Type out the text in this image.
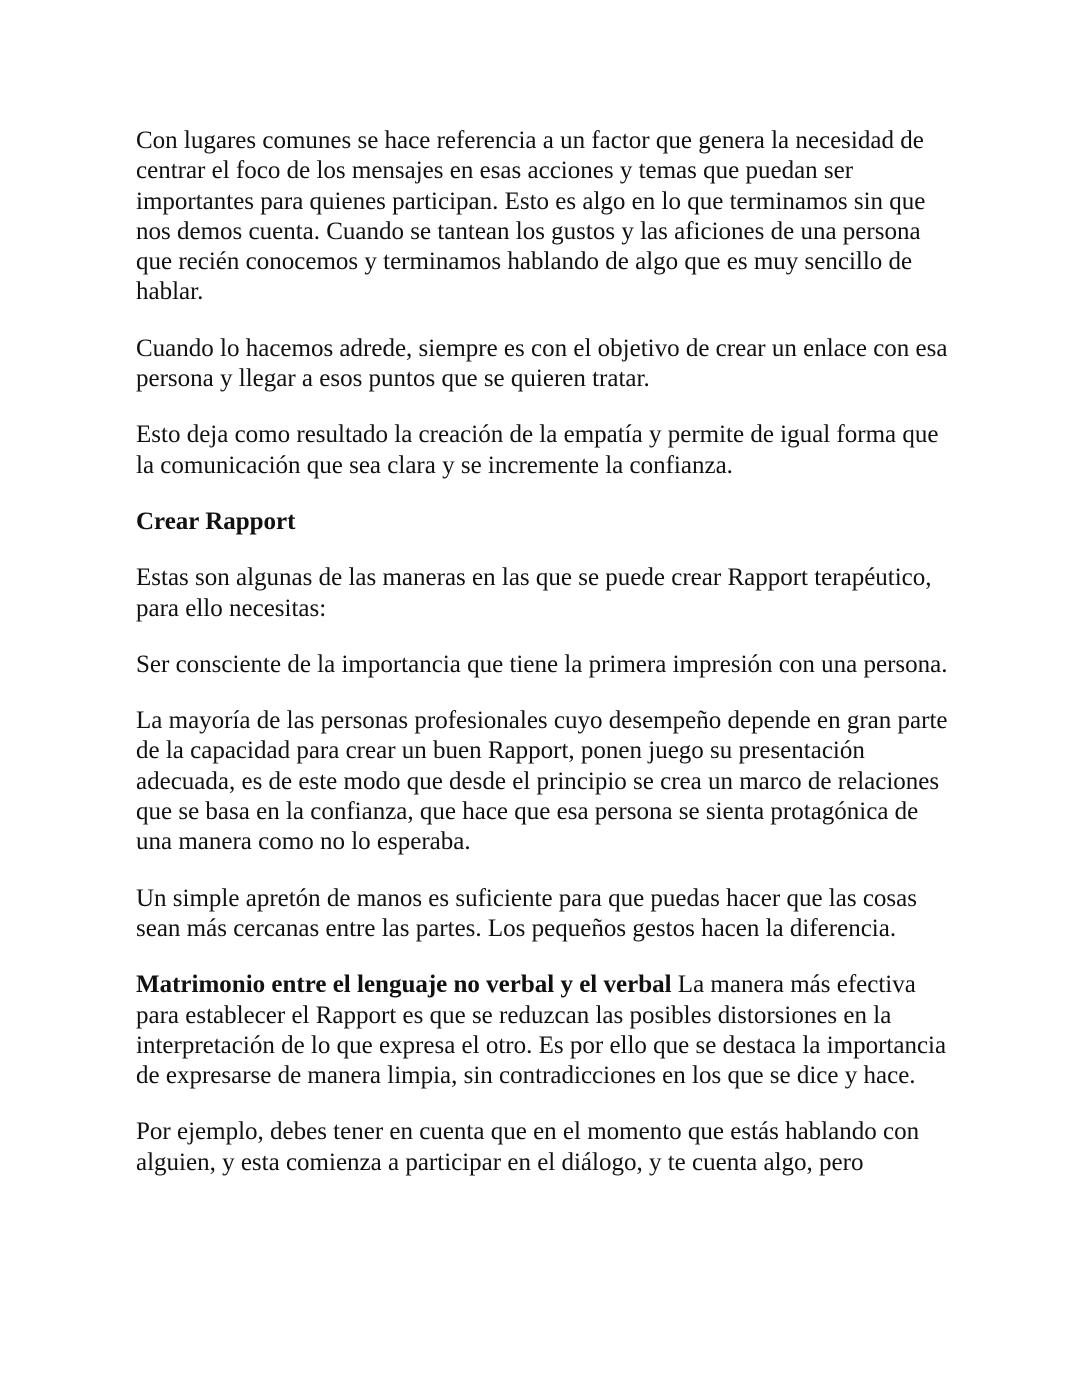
Con lugares comunes se hace referencia a un factor que genera la necesidad de centrar el foco de los mensajes en esas acciones y temas que puedan ser importantes para quienes participan. Esto es algo en lo que terminamos sin que nos demos cuenta. Cuando se tantean los gustos y las aficiones de una persona que recién conocemos y terminamos hablando de algo que es muy sencillo de hablar.

Cuando lo hacemos adrede, siempre es con el objetivo de crear un enlace con esa persona y llegar a esos puntos que se quieren tratar.

Esto deja como resultado la creación de la empatía y permite de igual forma que la comunicación que sea clara y se incremente la confianza.

Crear Rapport

Estas son algunas de las maneras en las que se puede crear Rapport terapéutico, para ello necesitas:

Ser consciente de la importancia que tiene la primera impresión con una persona.

La mayoría de las personas profesionales cuyo desempeño depende en gran parte de la capacidad para crear un buen Rapport, ponen juego su presentación adecuada, es de este modo que desde el principio se crea un marco de relaciones que se basa en la confianza, que hace que esa persona se sienta protagónica de una manera como no lo esperaba.

Un simple apretón de manos es suficiente para que puedas hacer que las cosas sean más cercanas entre las partes. Los pequeños gestos hacen la diferencia.

Matrimonio entre el lenguaje no verbal y el verbal La manera más efectiva para establecer el Rapport es que se reduzcan las posibles distorsiones en la interpretación de lo que expresa el otro. Es por ello que se destaca la importancia de expresarse de manera limpia, sin contradicciones en los que se dice y hace.

Por ejemplo, debes tener en cuenta que en el momento que estás hablando con alguien, y esta comienza a participar en el diálogo, y te cuenta algo, pero
